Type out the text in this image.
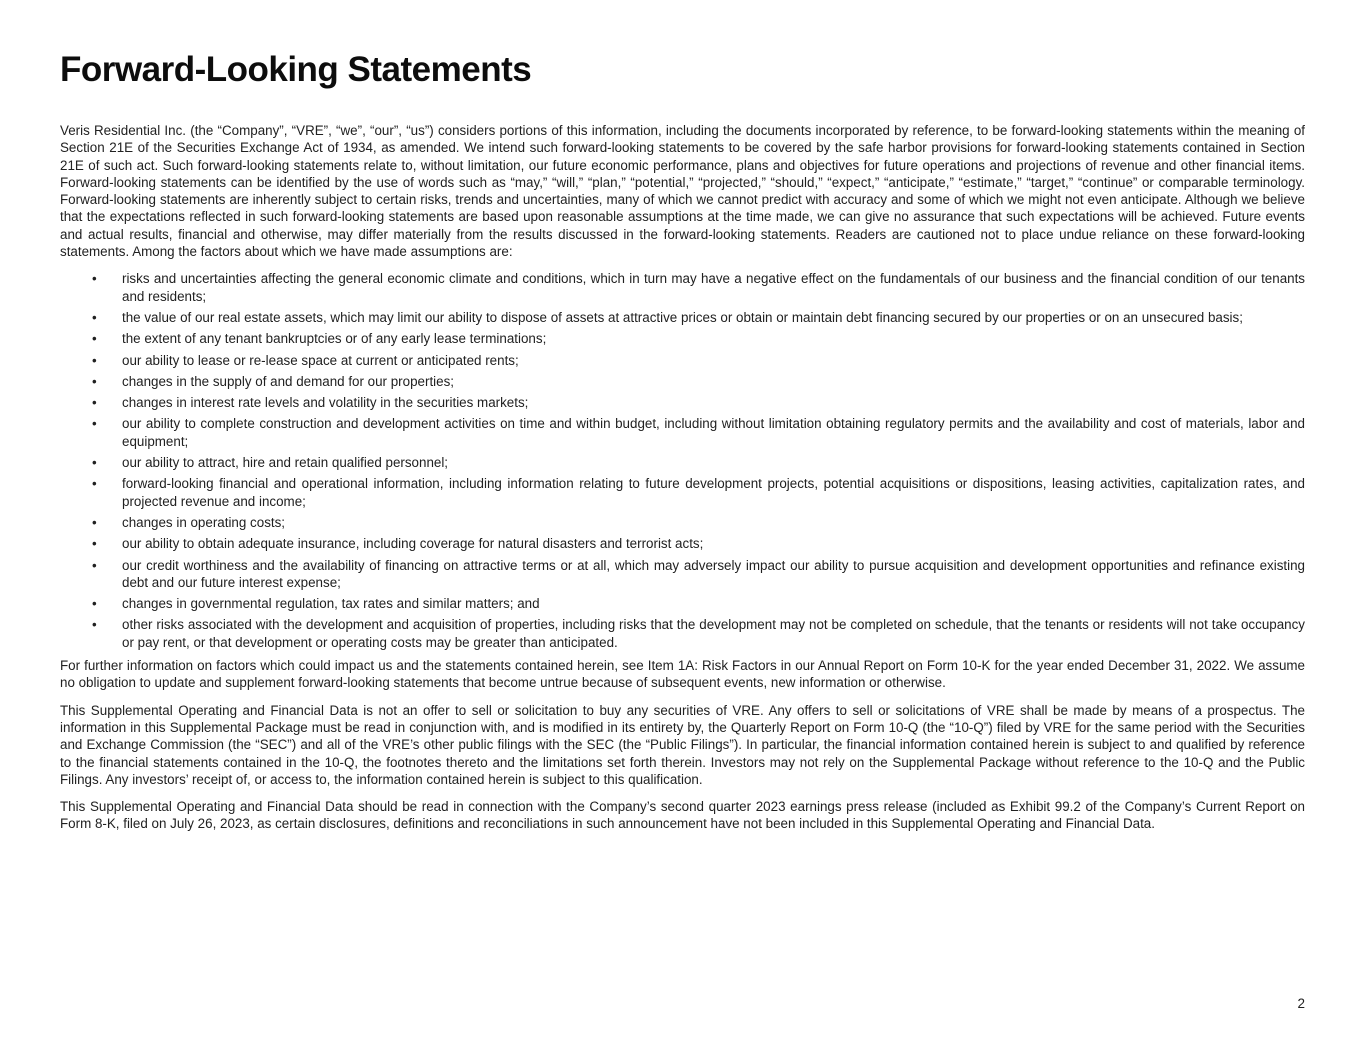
Forward-Looking Statements

Veris Residential Inc. (the “Company”, “VRE”, “we”, “our”, “us”) considers portions of this information, including the documents incorporated by reference, to be forward-looking statements within the meaning of Section 21E of the Securities Exchange Act of 1934, as amended. We intend such forward-looking statements to be covered by the safe harbor provisions for forward-looking statements contained in Section 21E of such act. Such forward-looking statements relate to, without limitation, our future economic performance, plans and objectives for future operations and projections of revenue and other financial items. Forward-looking statements can be identified by the use of words such as “may,” “will,” “plan,” “potential,” “projected,” “should,” “expect,” “anticipate,” “estimate,” “target,” “continue” or comparable terminology. Forward-looking statements are inherently subject to certain risks, trends and uncertainties, many of which we cannot predict with accuracy and some of which we might not even anticipate. Although we believe that the expectations reflected in such forward-looking statements are based upon reasonable assumptions at the time made, we can give no assurance that such expectations will be achieved. Future events and actual results, financial and otherwise, may differ materially from the results discussed in the forward-looking statements. Readers are cautioned not to place undue reliance on these forward-looking statements. Among the factors about which we have made assumptions are:

• risks and uncertainties affecting the general economic climate and conditions, which in turn may have a negative effect on the fundamentals of our business and the financial condition of our tenants and residents;
• the value of our real estate assets, which may limit our ability to dispose of assets at attractive prices or obtain or maintain debt financing secured by our properties or on an unsecured basis;
• the extent of any tenant bankruptcies or of any early lease terminations;
• our ability to lease or re-lease space at current or anticipated rents;
• changes in the supply of and demand for our properties;
• changes in interest rate levels and volatility in the securities markets;
• our ability to complete construction and development activities on time and within budget, including without limitation obtaining regulatory permits and the availability and cost of materials, labor and equipment;
• our ability to attract, hire and retain qualified personnel;
• forward-looking financial and operational information, including information relating to future development projects, potential acquisitions or dispositions, leasing activities, capitalization rates, and projected revenue and income;
• changes in operating costs;
• our ability to obtain adequate insurance, including coverage for natural disasters and terrorist acts;
• our credit worthiness and the availability of financing on attractive terms or at all, which may adversely impact our ability to pursue acquisition and development opportunities and refinance existing debt and our future interest expense;
• changes in governmental regulation, tax rates and similar matters; and
• other risks associated with the development and acquisition of properties, including risks that the development may not be completed on schedule, that the tenants or residents will not take occupancy or pay rent, or that development or operating costs may be greater than anticipated.

For further information on factors which could impact us and the statements contained herein, see Item 1A: Risk Factors in our Annual Report on Form 10-K for the year ended December 31, 2022. We assume no obligation to update and supplement forward-looking statements that become untrue because of subsequent events, new information or otherwise.

This Supplemental Operating and Financial Data is not an offer to sell or solicitation to buy any securities of VRE. Any offers to sell or solicitations of VRE shall be made by means of a prospectus. The information in this Supplemental Package must be read in conjunction with, and is modified in its entirety by, the Quarterly Report on Form 10-Q (the “10-Q”) filed by VRE for the same period with the Securities and Exchange Commission (the “SEC”) and all of the VRE’s other public filings with the SEC (the “Public Filings”). In particular, the financial information contained herein is subject to and qualified by reference to the financial statements contained in the 10-Q, the footnotes thereto and the limitations set forth therein. Investors may not rely on the Supplemental Package without reference to the 10-Q and the Public Filings. Any investors’ receipt of, or access to, the information contained herein is subject to this qualification.

This Supplemental Operating and Financial Data should be read in connection with the Company’s second quarter 2023 earnings press release (included as Exhibit 99.2 of the Company’s Current Report on Form 8-K, filed on July 26, 2023, as certain disclosures, definitions and reconciliations in such announcement have not been included in this Supplemental Operating and Financial Data.

2
